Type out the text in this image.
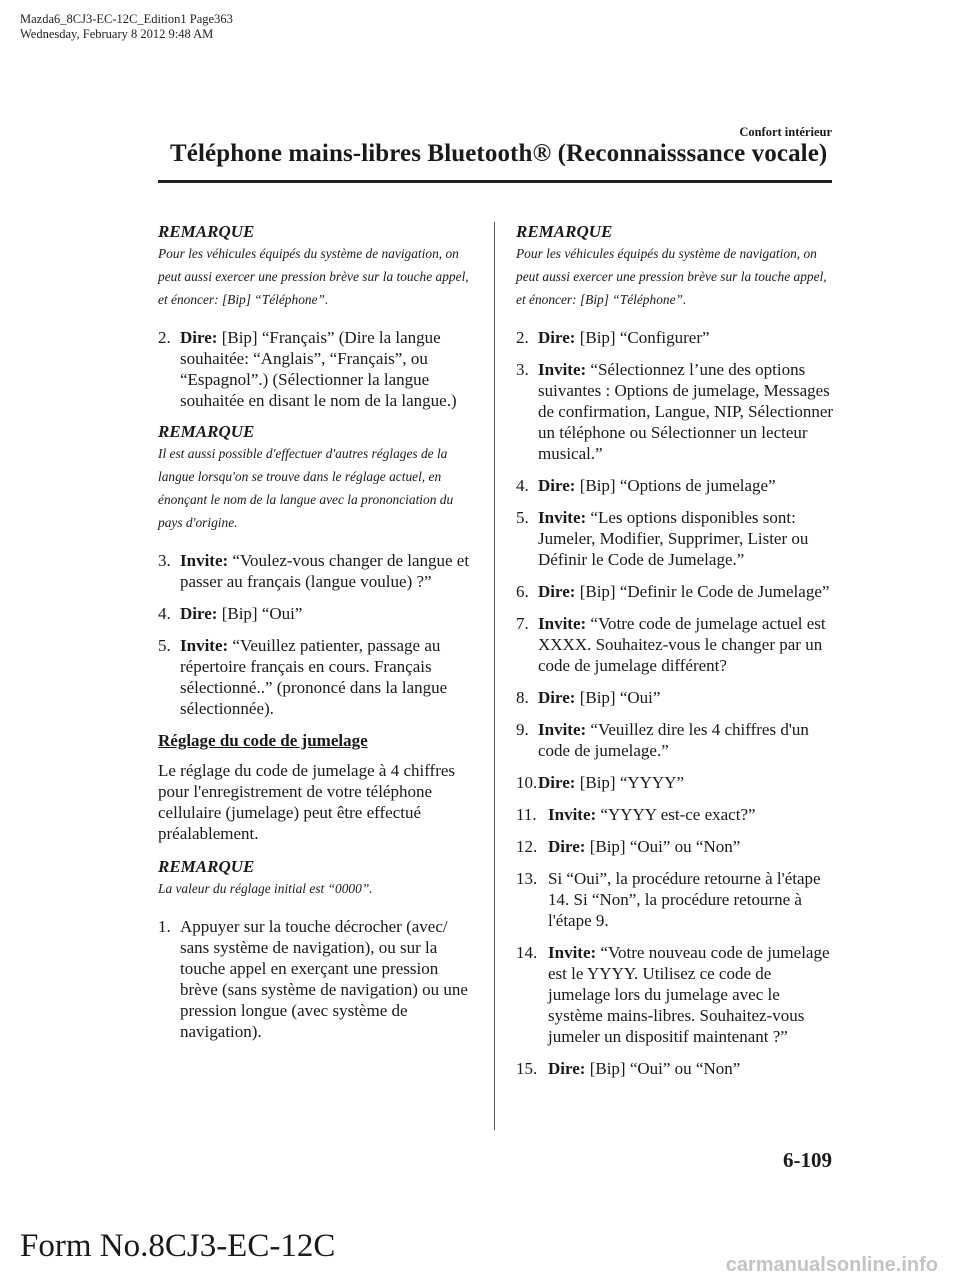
Mazda6_8CJ3-EC-12C_Edition1 Page363
Wednesday, February 8 2012 9:48 AM
Confort intérieur
Téléphone mains-libres Bluetooth® (Reconnaisssance vocale)
REMARQUE
Pour les véhicules équipés du système de navigation, on peut aussi exercer une pression brève sur la touche appel, et énoncer: [Bip] “Téléphone”.
2. Dire: [Bip] “Français” (Dire la langue souhaitée: “Anglais”, “Français”, ou “Espagnol”.) (Sélectionner la langue souhaitée en disant le nom de la langue.)
REMARQUE
Il est aussi possible d'effectuer d'autres réglages de la langue lorsqu'on se trouve dans le réglage actuel, en énonçant le nom de la langue avec la prononciation du pays d'origine.
3. Invite: “Voulez-vous changer de langue et passer au français (langue voulue) ?”
4. Dire: [Bip] “Oui”
5. Invite: “Veuillez patienter, passage au répertoire français en cours. Français sélectionné..” (prononcé dans la langue sélectionnée).
Réglage du code de jumelage
Le réglage du code de jumelage à 4 chiffres pour l'enregistrement de votre téléphone cellulaire (jumelage) peut être effectué préalablement.
REMARQUE
La valeur du réglage initial est “0000”.
1. Appuyer sur la touche décrocher (avec/ sans système de navigation), ou sur la touche appel en exerçant une pression brève (sans système de navigation) ou une pression longue (avec système de navigation).
REMARQUE
Pour les véhicules équipés du système de navigation, on peut aussi exercer une pression brève sur la touche appel, et énoncer: [Bip] “Téléphone”.
2. Dire: [Bip] “Configurer”
3. Invite: “Sélectionnez l’une des options suivantes : Options de jumelage, Messages de confirmation, Langue, NIP, Sélectionner un téléphone ou Sélectionner un lecteur musical.”
4. Dire: [Bip] “Options de jumelage”
5. Invite: “Les options disponibles sont: Jumeler, Modifier, Supprimer, Lister ou Définir le Code de Jumelage.”
6. Dire: [Bip] “Definir le Code de Jumelage”
7. Invite: “Votre code de jumelage actuel est XXXX. Souhaitez-vous le changer par un code de jumelage différent?
8. Dire: [Bip] “Oui”
9. Invite: “Veuillez dire les 4 chiffres d'un code de jumelage.”
10. Dire: [Bip] “YYYY”
11. Invite: “YYYY est-ce exact?”
12. Dire: [Bip] “Oui” ou “Non”
13. Si “Oui”, la procédure retourne à l'étape 14. Si “Non”, la procédure retourne à l'étape 9.
14. Invite: “Votre nouveau code de jumelage est le YYYY. Utilisez ce code de jumelage lors du jumelage avec le système mains-libres. Souhaitez-vous jumeler un dispositif maintenant ?”
15. Dire: [Bip] “Oui” ou “Non”
6-109
Form No.8CJ3-EC-12C
carmanualsonline.info
